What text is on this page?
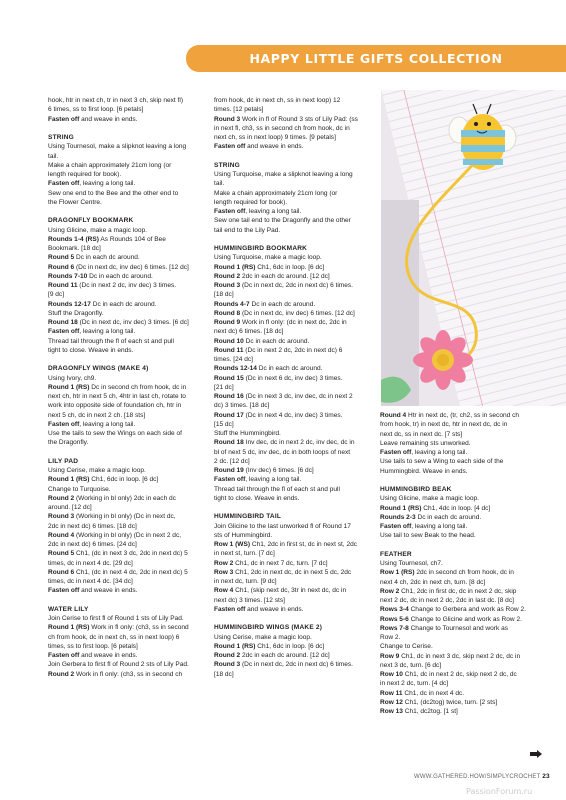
HAPPY LITTLE GIFTS COLLECTION
hook, htr in next ch, tr in next 3 ch, skip next fl)
6 times, ss to first loop. [6 petals]
Fasten off and weave in ends.
STRING
Using Tournesol, make a slipknot leaving a long
tail.
Make a chain approximately 21cm long (or
length required for book).
Fasten off, leaving a long tail.
Sew one end to the Bee and the other end to
the Flower Centre.
DRAGONFLY BOOKMARK
Using Glicine, make a magic loop.
Rounds 1-4 (RS) As Rounds 104 of Bee
Bookmark. [18 dc]
Round 5 Dc in each dc around.
Round 6 (Dc in next dc, inv dec) 6 times. [12 dc]
Rounds 7-10 Dc in each dc around.
Round 11 (Dc in next 2 dc, inv dec) 3 times.
[9 dc]
Rounds 12-17 Dc in each dc around.
Stuff the Dragonfly.
Round 18 (Dc in next dc, inv dec) 3 times. [6 dc]
Fasten off, leaving a long tail.
Thread tail through the fl of each st and pull
tight to close. Weave in ends.
DRAGONFLY WINGS (MAKE 4)
Using Ivory, ch9.
Round 1 (RS) Dc in second ch from hook, dc in
next ch, htr in next 5 ch, 4htr in last ch, rotate to
work into opposite side of foundation ch, htr in
next 5 ch, dc in next 2 ch. [18 sts]
Fasten off, leaving a long tail.
Use the tails to sew the Wings on each side of
the Dragonfly.
LILY PAD
Using Cerise, make a magic loop.
Round 1 (RS) Ch1, 6dc in loop. [6 dc]
Change to Turquoise.
Round 2 (Working in bl only) 2dc in each dc
around. [12 dc]
Round 3 (Working in bl only) (Dc in next dc,
2dc in next dc) 6 times. [18 dc]
Round 4 (Working in bl only) (Dc in next 2 dc,
2dc in next dc) 6 times. [24 dc]
Round 5 Ch1, (dc in next 3 dc, 2dc in next dc) 5
times, dc in next 4 dc. [29 dc]
Round 6 Ch1, (dc in next 4 dc, 2dc in next dc) 5
times, dc in next 4 dc. [34 dc]
Fasten off and weave in ends.
WATER LILY
Join Cerise to first fl of Round 1 sts of Lily Pad.
Round 1 (RS) Work in fl only: (ch3, ss in second
ch from hook, dc in next ch, ss in next loop) 6
times, ss to first loop. [6 petals]
Fasten off and weave in ends.
Join Gerbera to first fl of Round 2 sts of Lily Pad.
Round 2 Work in fl only: (ch3, ss in second ch
from hook, dc in next ch, ss in next loop) 12
times. [12 petals]
Round 3 Work in fl of Round 3 sts of Lily Pad: (ss
in next fl, ch3, ss in second ch from hook, dc in
next ch, ss in next loop) 9 times. [9 petals]
Fasten off and weave in ends.
STRING
Using Turquoise, make a slipknot leaving a long
tail.
Make a chain approximately 21cm long (or
length required for book).
Fasten off, leaving a long tail.
Sew one tail end to the Dragonfly and the other
tail end to the Lily Pad.
HUMMINGBIRD BOOKMARK
Using Turquoise, make a magic loop.
Round 1 (RS) Ch1, 6dc in loop. [6 dc]
Round 2 2dc in each dc around. [12 dc]
Round 3 (Dc in next dc, 2dc in next dc) 6 times.
[18 dc]
Rounds 4-7 Dc in each dc around.
Round 8 (Dc in next dc, inv dec) 6 times. [12 dc]
Round 9 Work in fl only: (dc in next dc, 2dc in
next dc) 6 times. [18 dc]
Round 10 Dc in each dc around.
Round 11 (Dc in next 2 dc, 2dc in next dc) 6
times. [24 dc]
Rounds 12-14 Dc in each dc around.
Round 15 (Dc in next 6 dc, inv dec) 3 times.
[21 dc]
Round 16 (Dc in next 3 dc, inv dec, dc in next 2
dc) 3 times. [18 dc]
Round 17 (Dc in next 4 dc, inv dec) 3 times.
[15 dc]
Stuff the Hummingbird.
Round 18 Inv dec, dc in next 2 dc, inv dec, dc in
bl of next 5 dc, inv dec, dc in both loops of next
2 dc. [12 dc]
Round 19 (Inv dec) 6 times. [6 dc]
Fasten off, leaving a long tail.
Thread tail through the fl of each st and pull
tight to close. Weave in ends.
HUMMINGBIRD TAIL
Join Glicine to the last unworked fl of Round 17
sts of Hummingbird.
Row 1 (WS) Ch1, 2dc in first st, dc in next st, 2dc
in next st, turn. [7 dc]
Row 2 Ch1, dc in next 7 dc, turn. [7 dc]
Row 3 Ch1, 2dc in next dc, dc in next 5 dc, 2dc
in next dc, turn. [9 dc]
Row 4 Ch1, (skip next dc, 3tr in next dc, dc in
next dc) 3 times. [12 sts]
Fasten off and weave in ends.
HUMMINGBIRD WINGS (MAKE 2)
Using Cerise, make a magic loop.
Round 1 (RS) Ch1, 6dc in loop. [6 dc]
Round 2 2dc in each dc around. [12 dc]
Round 3 (Dc in next dc, 2dc in next dc) 6 times.
[18 dc]
Round 4 Htr in next dc, (tr, ch2, ss in second ch
from hook, tr) in next dc, htr in next dc, dc in
next dc, ss in next dc. [7 sts]
Leave remaining sts unworked.
Fasten off, leaving a long tail.
Use tails to sew a Wing to each side of the
Hummingbird. Weave in ends.
HUMMINGBIRD BEAK
Using Glicine, make a magic loop.
Round 1 (RS) Ch1, 4dc in loop. [4 dc]
Rounds 2-3 Dc in each dc around.
Fasten off, leaving a long tail.
Use tail to sew Beak to the head.
FEATHER
Using Tournesol, ch7.
Row 1 (RS) 2dc in second ch from hook, dc in
next 4 ch, 2dc in next ch, turn. [8 dc]
Row 2 Ch1, 2dc in first dc, dc in next 2 dc, skip
next 2 dc, dc in next 2 dc, 2dc in last dc. [8 dc]
Rows 3-4 Change to Gerbera and work as Row 2.
Rows 5-6 Change to Glicine and work as Row 2.
Rows 7-8 Change to Tournesol and work as
Row 2.
Change to Cerise.
Row 9 Ch1, dc in next 3 dc, skip next 2 dc, dc in
next 3 dc, turn. [6 dc]
Row 10 Ch1, dc in next 2 dc, skip next 2 dc, dc
in next 2 dc, turn. [4 dc]
Row 11 Ch1, dc in next 4 dc.
Row 12 Ch1, (dc2tog) twice, turn. [2 sts]
Row 13 Ch1, dc2tog. [1 st]
WWW.GATHERED.HOW/SIMPLYCROCHET 23
PassionForum.ru
